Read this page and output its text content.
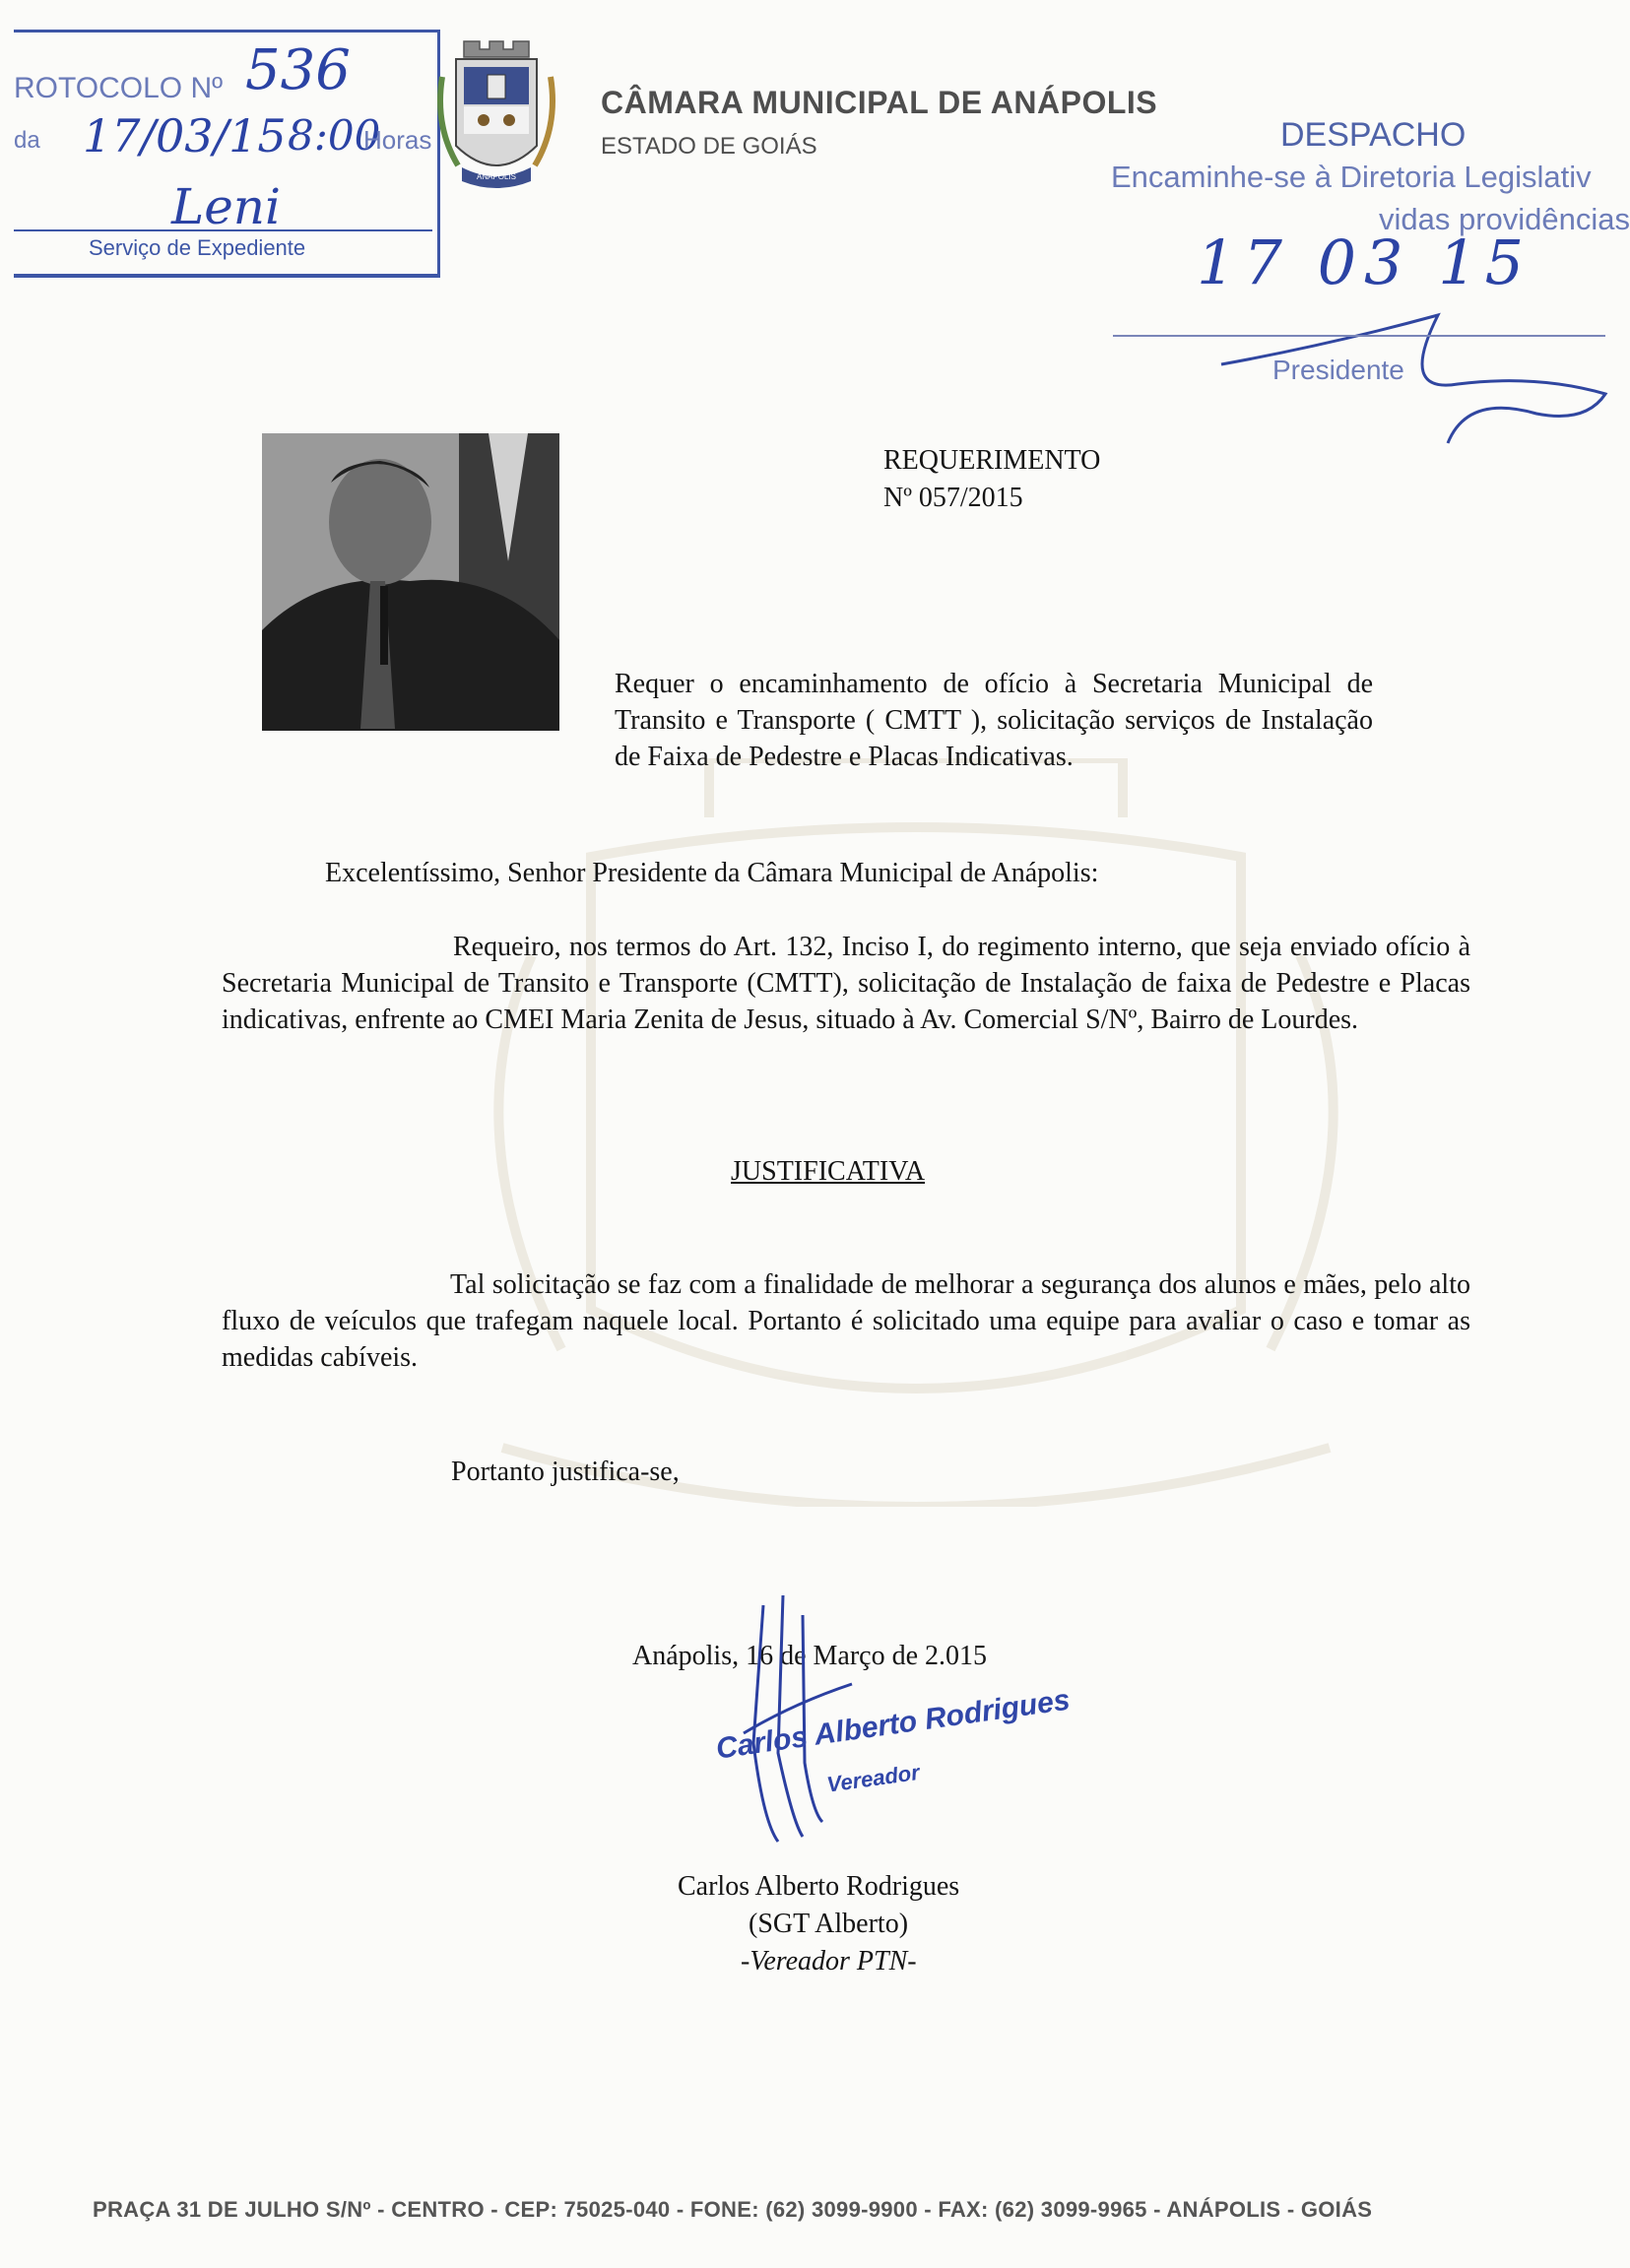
ROTOCOLO Nº 536
da 17/03/15 8:00
Horas
Leni
Serviço de Expediente
ANÁPOLIS
CÂMARA MUNICIPAL DE ANÁPOLIS
ESTADO DE GOIÁS	DESPACHO
Encaminhe-se à Diretoria Legislativ
vidas providências
17 03 15
Presidente
REQUERIMENTO
Nº 057/2015
Requer o encaminhamento de ofício à Secretaria Municipal de Transito e Transporte ( CMTT ), solicitação serviços de Instalação de Faixa de Pedestre e Placas Indicativas.
Excelentíssimo, Senhor Presidente da Câmara Municipal de Anápolis:
Requeiro, nos termos do Art. 132, Inciso I, do regimento interno, que seja enviado ofício à Secretaria Municipal de Transito e Transporte (CMTT), solicitação de Instalação de faixa de Pedestre e Placas indicativas, enfrente ao CMEI Maria Zenita de Jesus, situado à Av. Comercial S/Nº, Bairro de Lourdes.
JUSTIFICATIVA
Tal solicitação se faz com a finalidade de melhorar a segurança dos alunos e mães, pelo alto fluxo de veículos que trafegam naquele local. Portanto é solicitado uma equipe para avaliar o caso e tomar as medidas cabíveis.
Portanto justifica-se,
Anápolis, 16 de Março de 2.015
Carlos Alberto Rodrigues
Vereador
Carlos Alberto Rodrigues
(SGT Alberto)
-Vereador PTN-
PRAÇA 31 DE JULHO S/Nº - CENTRO - CEP: 75025-040 - FONE: (62) 3099-9900 - FAX: (62) 3099-9965 - ANÁPOLIS - GOIÁS
